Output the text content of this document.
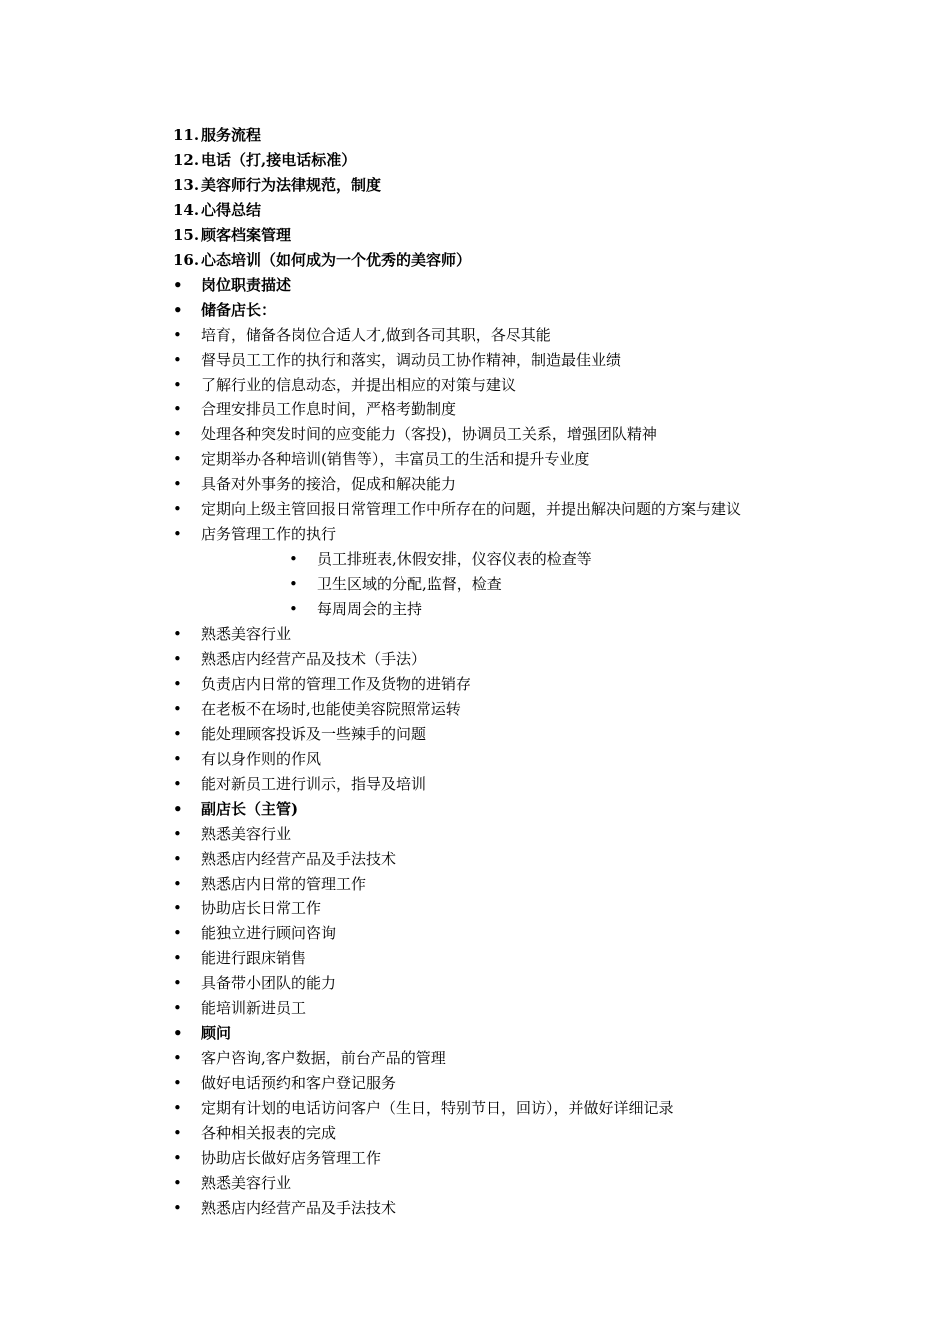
11. 服务流程
12. 电话（打,接电话标准）
13. 美容师行为法律规范，制度
14. 心得总结
15. 顾客档案管理
16. 心态培训（如何成为一个优秀的美容师）
• 岗位职责描述
• 储备店长：
• 培育，储备各岗位合适人才,做到各司其职，各尽其能
• 督导员工工作的执行和落实，调动员工协作精神，制造最佳业绩
• 了解行业的信息动态，并提出相应的对策与建议
• 合理安排员工作息时间，严格考勤制度
• 处理各种突发时间的应变能力（客投)，协调员工关系，增强团队精神
• 定期举办各种培训(销售等），丰富员工的生活和提升专业度
• 具备对外事务的接洽，促成和解决能力
• 定期向上级主管回报日常管理工作中所存在的问题，并提出解决问题的方案与建议
• 店务管理工作的执行
• 员工排班表,休假安排，仪容仪表的检查等
• 卫生区域的分配,监督，检查
• 每周周会的主持
• 熟悉美容行业
• 熟悉店内经营产品及技术（手法）
• 负责店内日常的管理工作及货物的进销存
• 在老板不在场时,也能使美容院照常运转
• 能处理顾客投诉及一些辣手的问题
• 有以身作则的作风
• 能对新员工进行训示，指导及培训
• 副店长（主管)
• 熟悉美容行业
• 熟悉店内经营产品及手法技术
• 熟悉店内日常的管理工作
• 协助店长日常工作
• 能独立进行顾问咨询
• 能进行跟床销售
• 具备带小团队的能力
• 能培训新进员工
• 顾问
• 客户咨询,客户数据，前台产品的管理
• 做好电话预约和客户登记服务
• 定期有计划的电话访问客户（生日，特别节日，回访），并做好详细记录
• 各种相关报表的完成
• 协助店长做好店务管理工作
• 熟悉美容行业
• 熟悉店内经营产品及手法技术
